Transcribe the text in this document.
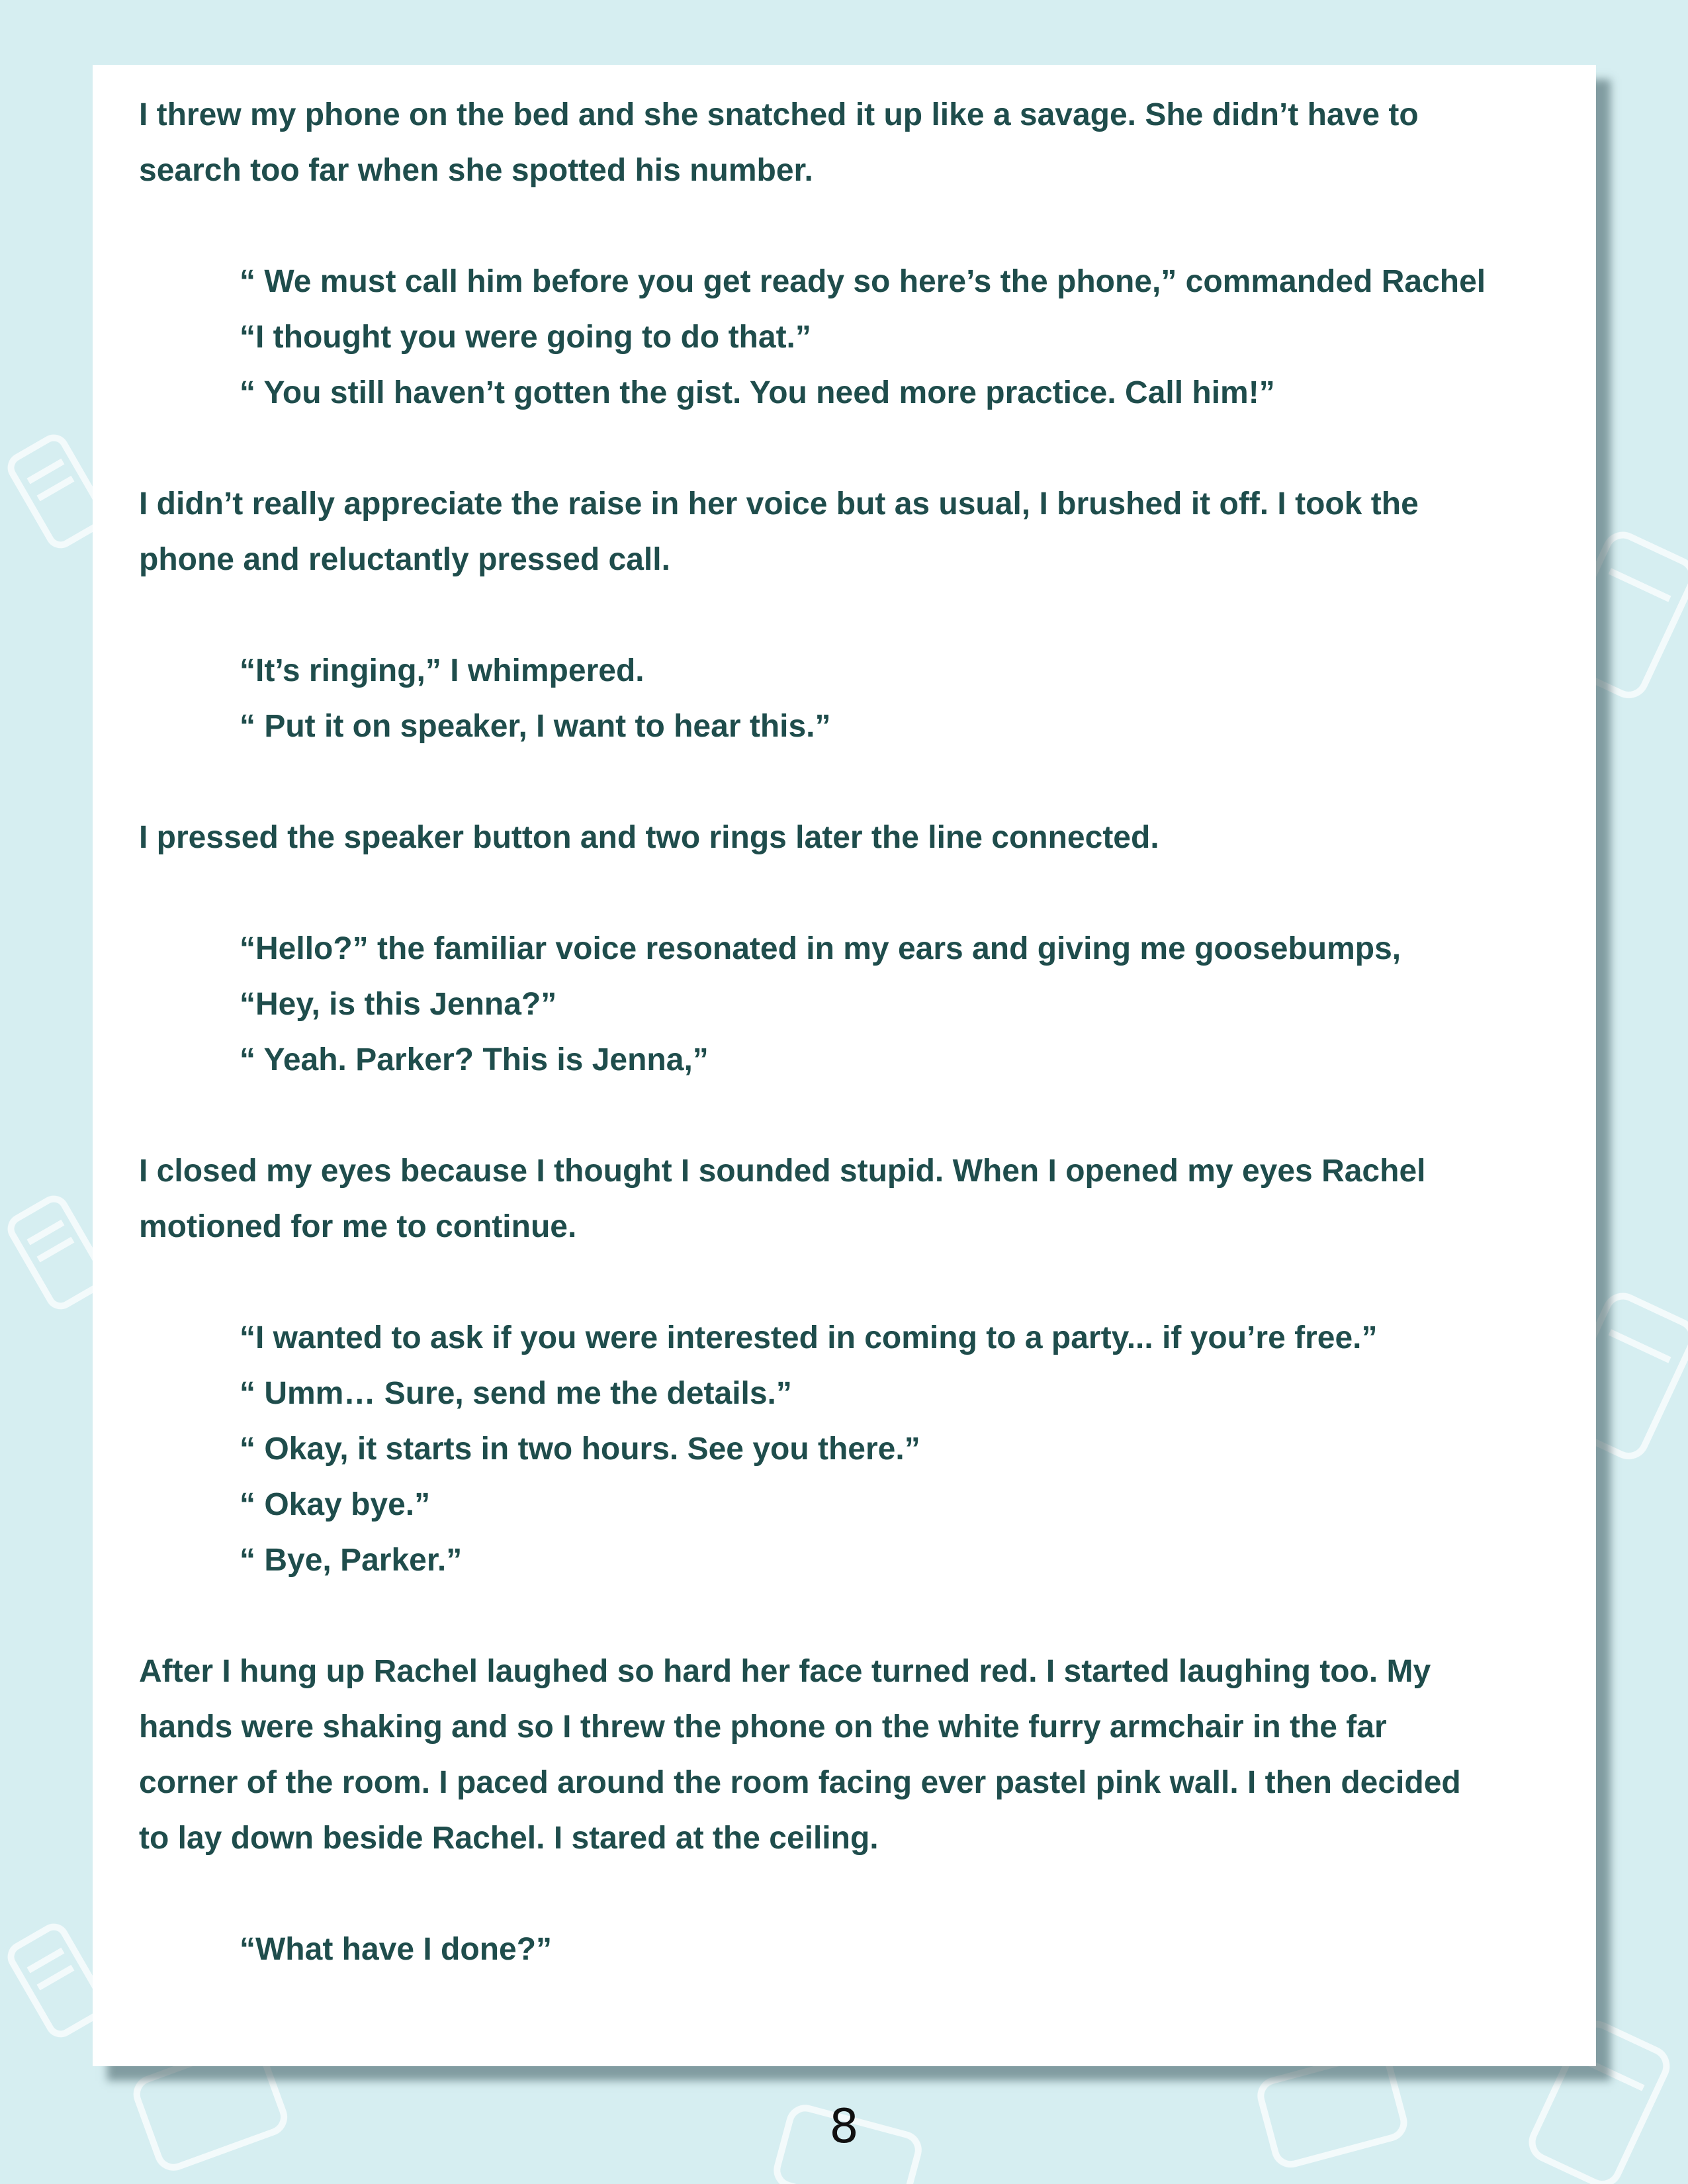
I threw my phone on the bed and she snatched it up like a savage. She didn’t have to
search too far when she spotted his number.
“ We must call him before you get ready so here’s the phone,” commanded Rachel
“I thought you were going to do that.”
“ You still haven’t gotten the gist. You need more practice. Call him!”
I didn’t really appreciate the raise in her voice but as usual, I brushed it off. I took the
phone and reluctantly pressed call.
“It’s ringing,” I whimpered.
“ Put it on speaker, I want to hear this.”
I pressed the speaker button and two rings later the line connected.
“Hello?” the familiar voice resonated in my ears and giving me goosebumps,
“Hey, is this Jenna?”
“ Yeah. Parker? This is Jenna,”
I closed my eyes because I thought I sounded stupid. When I opened my eyes Rachel
motioned for me to continue.
“I wanted to ask if you were interested in coming to a party... if you’re free.”
“ Umm… Sure, send me the details.”
“ Okay, it starts in two hours. See you there.”
“ Okay bye.”
“ Bye, Parker.”
After I hung up Rachel laughed so hard her face turned red. I started laughing too. My
hands were shaking and so I threw the phone on the white furry armchair in the far
corner of the room. I paced around the room facing ever pastel pink wall. I then decided
to lay down beside Rachel. I stared at the ceiling.
“What have I done?”
8
